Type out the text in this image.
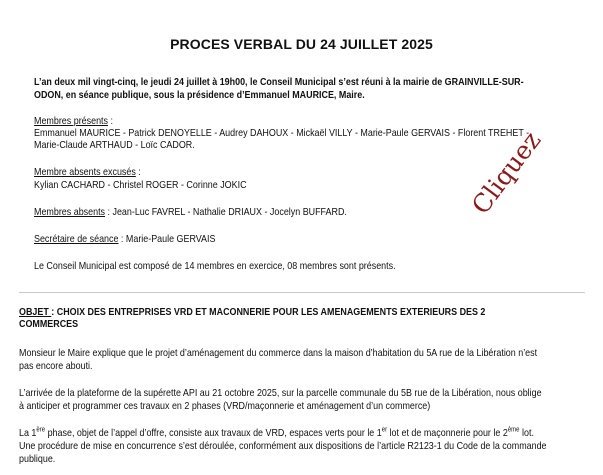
PROCES VERBAL DU 24 JUILLET 2025
L’an deux mil vingt-cinq, le jeudi 24 juillet à 19h00, le Conseil Municipal s’est réuni à la mairie de GRAINVILLE-SUR-
ODON, en séance publique, sous la présidence d’Emmanuel MAURICE, Maire.
Membres présents :
Emmanuel MAURICE - Patrick DENOYELLE - Audrey DAHOUX - Mickaël VILLY - Marie-Paule GERVAIS - Florent TREHET -
Marie-Claude ARTHAUD - Loïc CADOR.
Membre absents excusés :
Kylian CACHARD - Christel ROGER - Corinne JOKIC
Membres absents : Jean-Luc FAVREL - Nathalie DRIAUX - Jocelyn BUFFARD.
Secrétaire de séance : Marie-Paule GERVAIS
Le Conseil Municipal est composé de 14 membres en exercice, 08 membres sont présents.
OBJET : CHOIX DES ENTREPRISES VRD ET MACONNERIE POUR LES AMENAGEMENTS EXTERIEURS DES 2
COMMERCES
Monsieur le Maire explique que le projet d’aménagement du commerce dans la maison d’habitation du 5A rue de la Libération n’est
pas encore abouti.
L’arrivée de la plateforme de la supérette API au 21 octobre 2025, sur la parcelle communale du 5B rue de la Libération, nous oblige
à anticiper et programmer ces travaux en 2 phases (VRD/maçonnerie et aménagement d’un commerce)
La 1ère phase, objet de l’appel d’offre, consiste aux travaux de VRD, espaces verts pour le 1er lot et de maçonnerie pour le 2ème lot.
Une procédure de mise en concurrence s’est déroulée, conformément aux dispositions de l’article R2123-1 du Code de la commande
publique.
Cliquez
